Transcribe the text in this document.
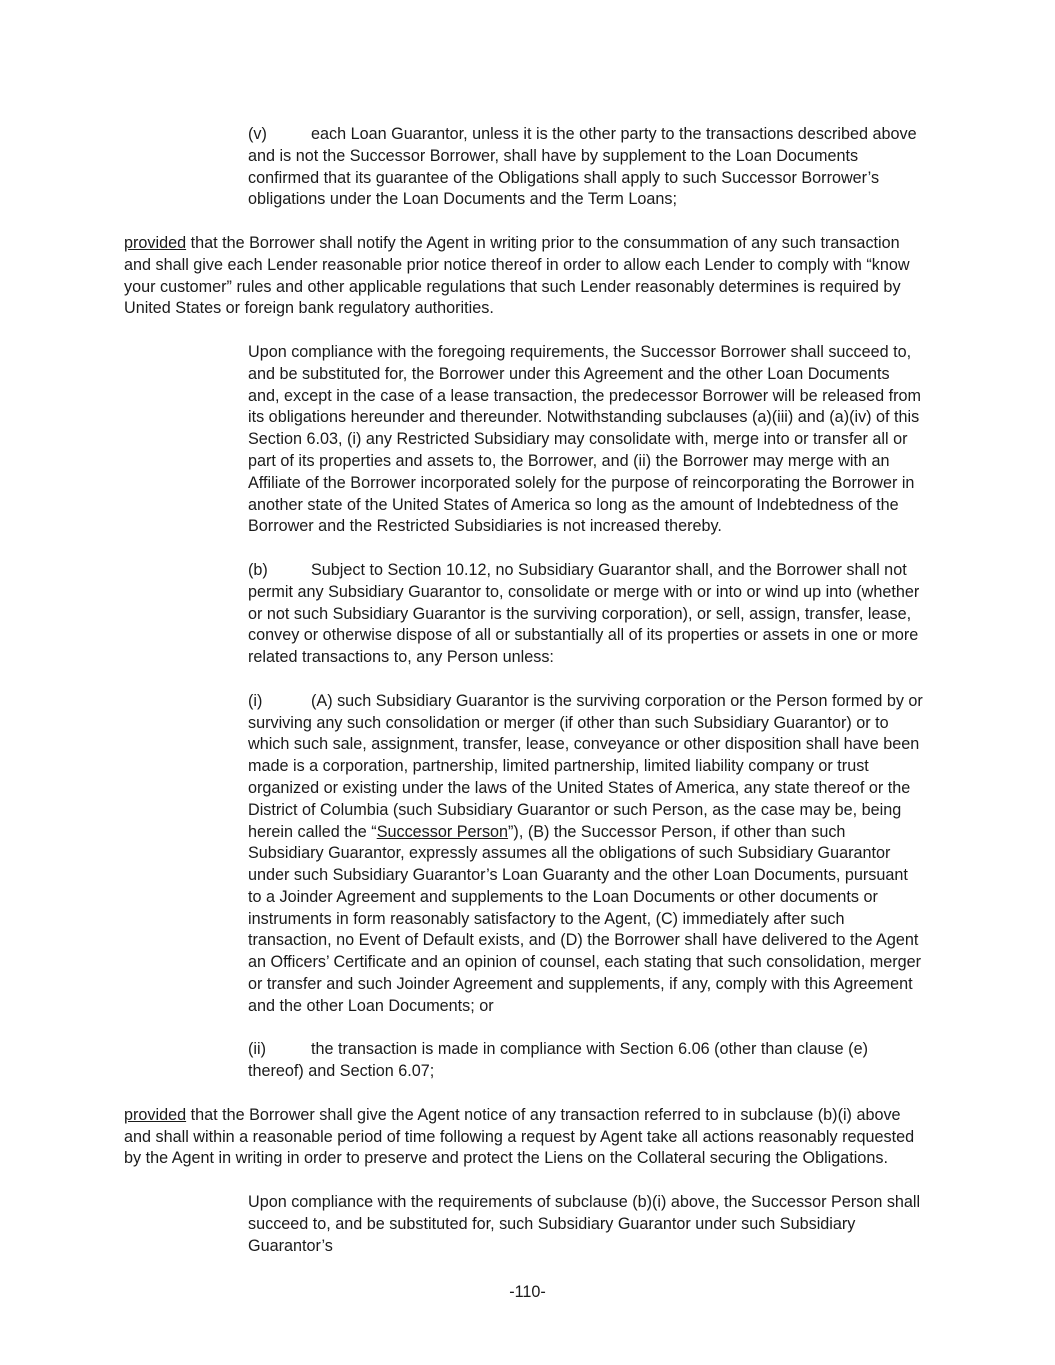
(v)	each Loan Guarantor, unless it is the other party to the transactions described above and is not the Successor Borrower, shall have by supplement to the Loan Documents confirmed that its guarantee of the Obligations shall apply to such Successor Borrower’s obligations under the Loan Documents and the Term Loans;

provided that the Borrower shall notify the Agent in writing prior to the consummation of any such transaction and shall give each Lender reasonable prior notice thereof in order to allow each Lender to comply with “know your customer” rules and other applicable regulations that such Lender reasonably determines is required by United States or foreign bank regulatory authorities.

Upon compliance with the foregoing requirements, the Successor Borrower shall succeed to, and be substituted for, the Borrower under this Agreement and the other Loan Documents and, except in the case of a lease transaction, the predecessor Borrower will be released from its obligations hereunder and thereunder. Notwithstanding subclauses (a)(iii) and (a)(iv) of this Section 6.03, (i) any Restricted Subsidiary may consolidate with, merge into or transfer all or part of its properties and assets to, the Borrower, and (ii) the Borrower may merge with an Affiliate of the Borrower incorporated solely for the purpose of reincorporating the Borrower in another state of the United States of America so long as the amount of Indebtedness of the Borrower and the Restricted Subsidiaries is not increased thereby.

(b)	Subject to Section 10.12, no Subsidiary Guarantor shall, and the Borrower shall not permit any Subsidiary Guarantor to, consolidate or merge with or into or wind up into (whether or not such Subsidiary Guarantor is the surviving corporation), or sell, assign, transfer, lease, convey or otherwise dispose of all or substantially all of its properties or assets in one or more related transactions to, any Person unless:

(i)	(A) such Subsidiary Guarantor is the surviving corporation or the Person formed by or surviving any such consolidation or merger (if other than such Subsidiary Guarantor) or to which such sale, assignment, transfer, lease, conveyance or other disposition shall have been made is a corporation, partnership, limited partnership, limited liability company or trust organized or existing under the laws of the United States of America, any state thereof or the District of Columbia (such Subsidiary Guarantor or such Person, as the case may be, being herein called the “Successor Person”), (B) the Successor Person, if other than such Subsidiary Guarantor, expressly assumes all the obligations of such Subsidiary Guarantor under such Subsidiary Guarantor’s Loan Guaranty and the other Loan Documents, pursuant to a Joinder Agreement and supplements to the Loan Documents or other documents or instruments in form reasonably satisfactory to the Agent, (C) immediately after such transaction, no Event of Default exists, and (D) the Borrower shall have delivered to the Agent an Officers’ Certificate and an opinion of counsel, each stating that such consolidation, merger or transfer and such Joinder Agreement and supplements, if any, comply with this Agreement and the other Loan Documents; or

(ii)	the transaction is made in compliance with Section 6.06 (other than clause (e) thereof) and Section 6.07;

provided that the Borrower shall give the Agent notice of any transaction referred to in subclause (b)(i) above and shall within a reasonable period of time following a request by Agent take all actions reasonably requested by the Agent in writing in order to preserve and protect the Liens on the Collateral securing the Obligations.

Upon compliance with the requirements of subclause (b)(i) above, the Successor Person shall succeed to, and be substituted for, such Subsidiary Guarantor under such Subsidiary Guarantor’s

-110-
